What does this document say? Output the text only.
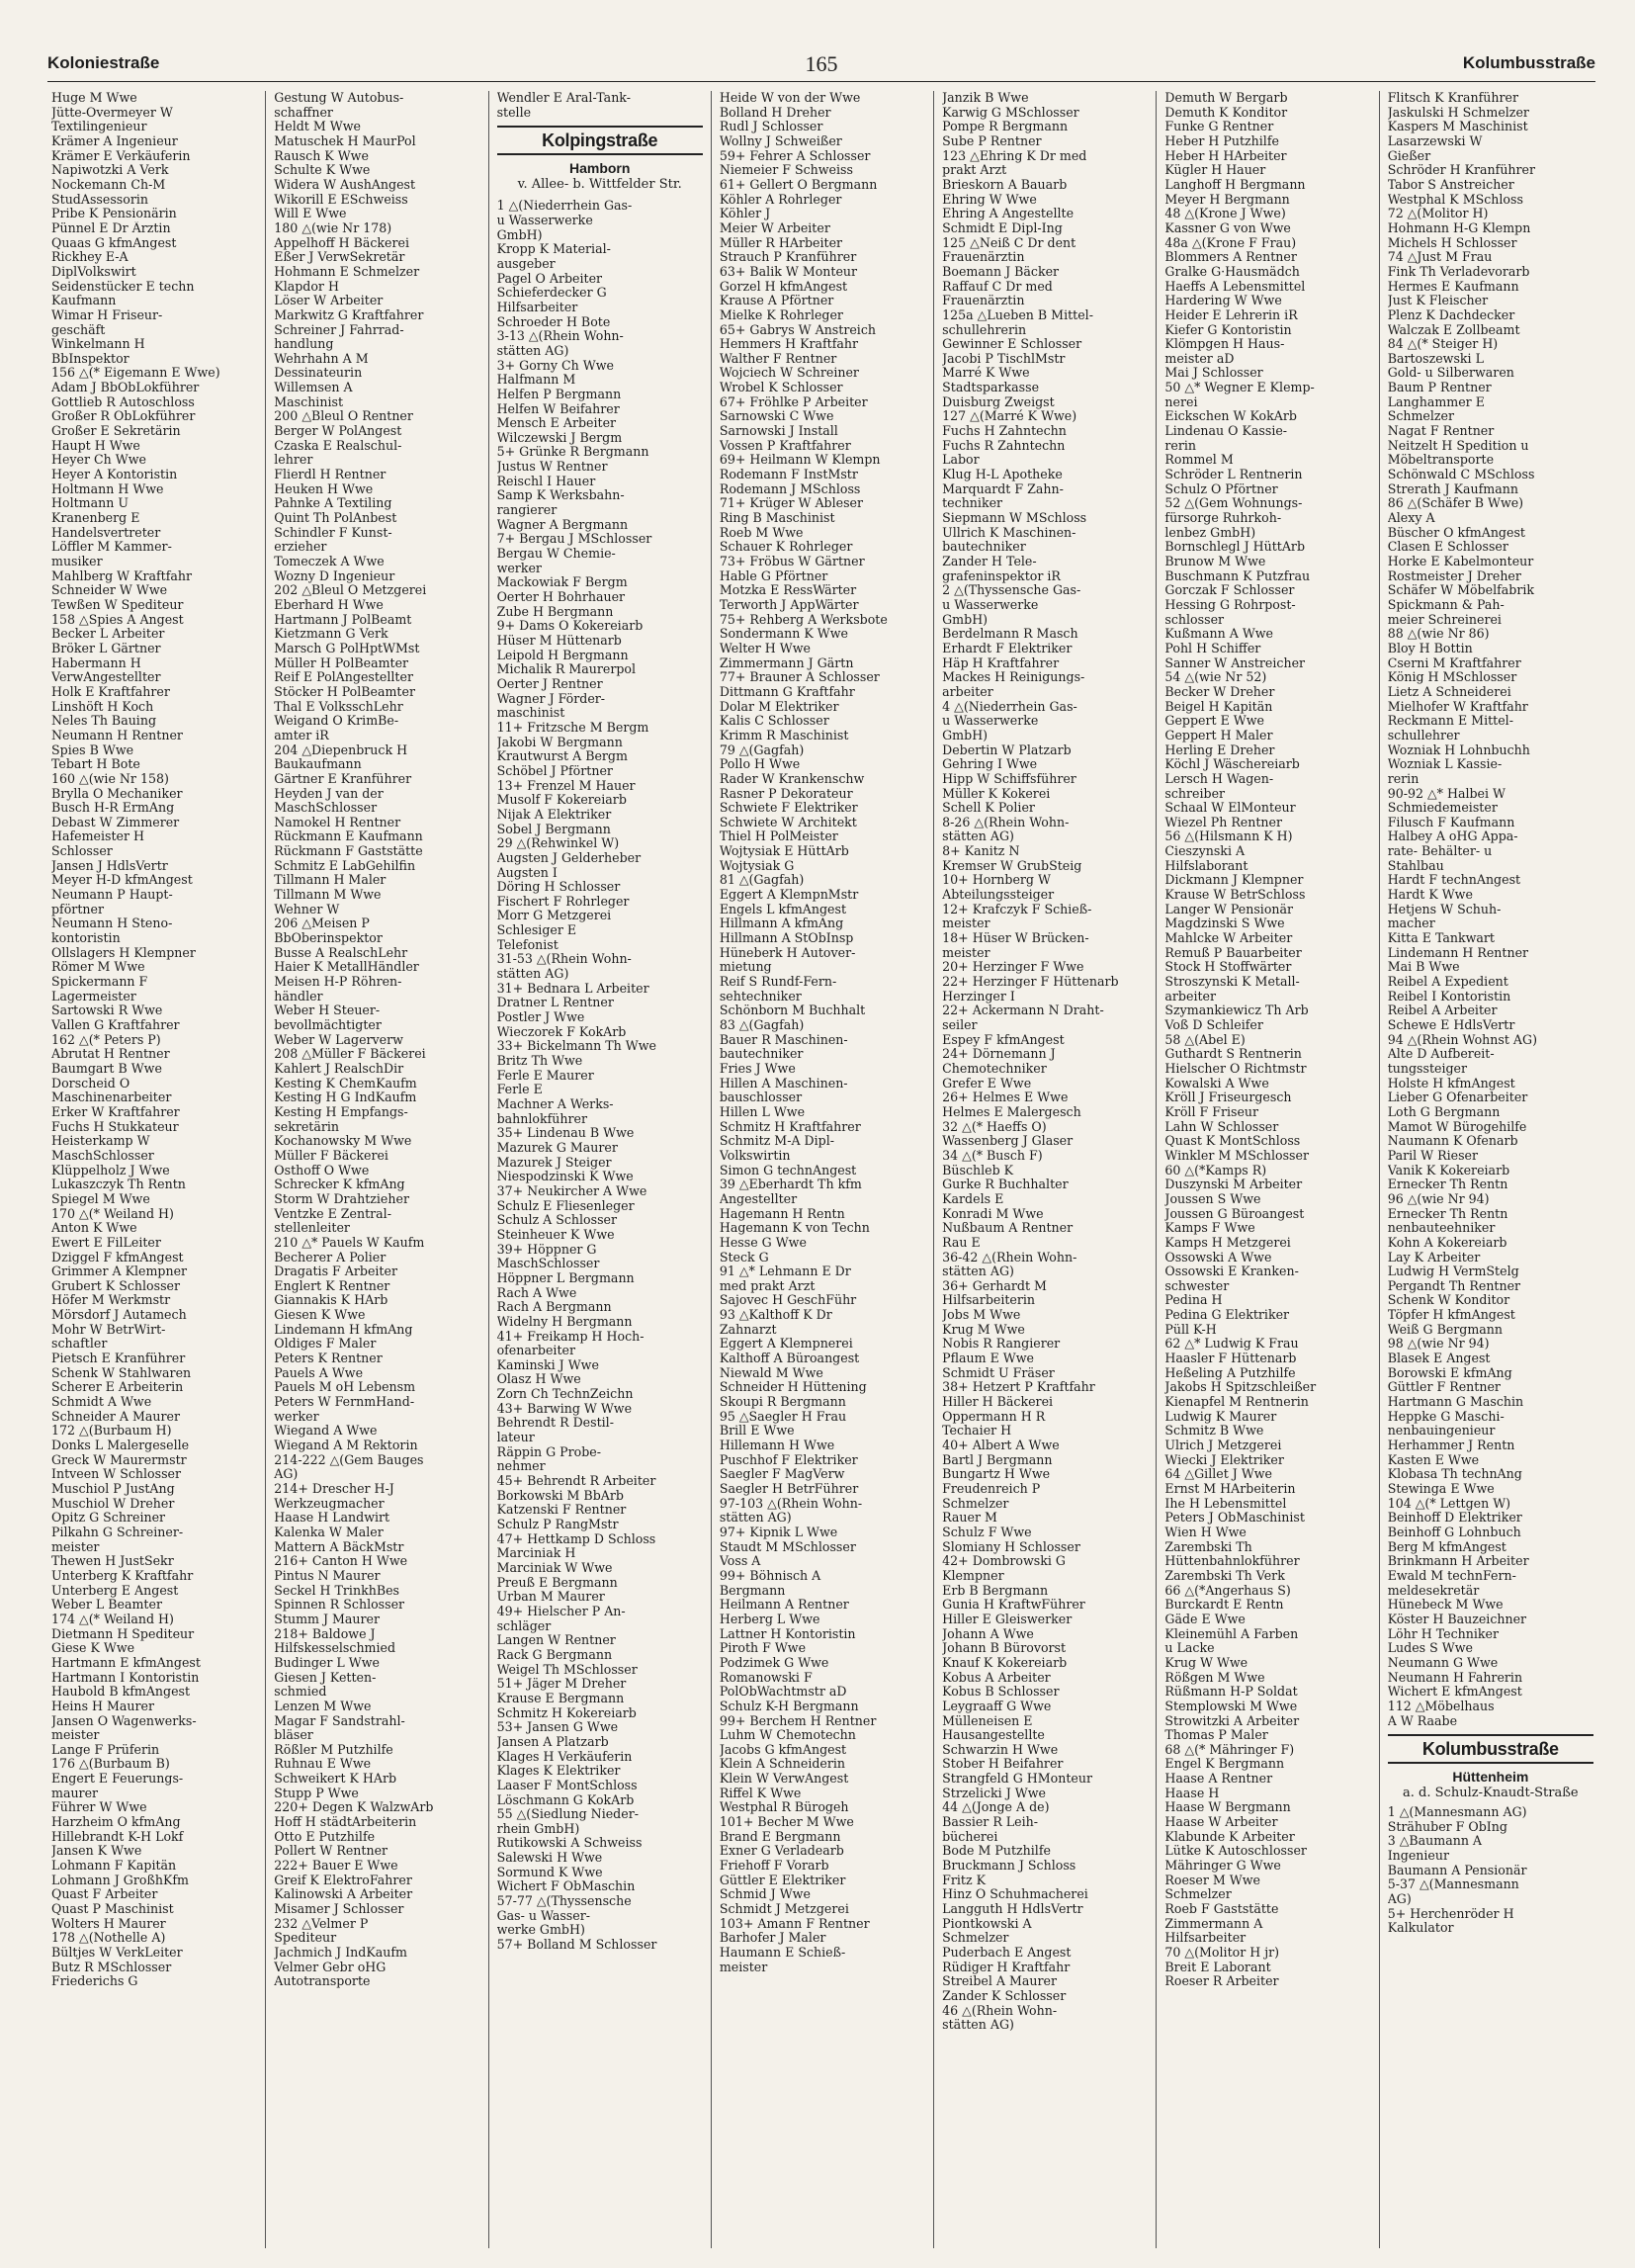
Koloniestraße	165	Kolumbusstraße
Huge M Wwe
Jütte-Overmeyer W
Textilingenieur
Krämer A Ingenieur
Krämer E Verkäuferin
Napiwotzki A Verk
Nockemann Ch-M
StudAssessorin
Pribe K Pensionärin
Pünnel E Dr Ärztin
Quaas G kfmAngest
Rickhey E-A
DiplVolkswirt
Seidenstücker E techn
Kaufmann
Wimar H Friseur-
geschäft
Winkelmann H
BbInspektor
156 △(* Eigemann E Wwe)
Adam J BbObLokführer
Gottlieb R Autoschloss
Großer R ObLokführer
Großer E Sekretärin
Haupt H Wwe
Heyer Ch Wwe
Heyer A Kontoristin
Holtmann H Wwe
Holtmann U
Kranenberg E
Handelsvertreter
Löffler M Kammer-
musiker
Mahlberg W Kraftfahr
Schneider W Wwe
Tewßen W Spediteur
158 △Spies A Angest
Becker L Arbeiter
Bröker L Gärtner
Habermann H
VerwAngestellter
Holk E Kraftfahrer
Linshöft H Koch
Neles Th Bauing
Neumann H Rentner
Spies B Wwe
Tebart H Bote
160 △(wie Nr 158)
Brylla O Mechaniker
Busch H-R ErmAng
Debast W Zimmerer
Hafemeister H
Schlosser
Jansen J HdlsVertr
Meyer H-D kfmAngest
Neumann P Haupt-
pförtner
Neumann H Steno-
kontoristin
Ollslagers H Klempner
Römer M Wwe
Spickermann F
Lagermeister
Sartowski R Wwe
Vallen G Kraftfahrer
162 △(* Peters P)
Abrutat H Rentner
Baumgart B Wwe
Dorscheid O
Maschinenarbeiter
Erker W Kraftfahrer
Fuchs H Stukkateur
Heisterkamp W
MaschSchlosser
Klüppelholz J Wwe
Lukaszczyk Th Rentn
Spiegel M Wwe
170 △(* Weiland H)
Anton K Wwe
Ewert E FilLeiter
Dziggel F kfmAngest
Grimmer A Klempner
Grubert K Schlosser
Höfer M Werkmstr
Mörsdorf J Autamech
Mohr W BetrWirt-
schaftler
Pietsch E Kranführer
Schenk W Stahlwaren
Scherer E Arbeiterin
Schmidt A Wwe
Schneider A Maurer
172 △(Burbaum H)
Donks L Malergeselle
Greck W Maurermstr
Intveen W Schlosser
Muschiol P JustAng
Muschiol W Dreher
Opitz G Schreiner
Pilkahn G Schreiner-
meister
Thewen H JustSekr
Unterberg K Kraftfahr
Unterberg E Angest
Weber L Beamter
174 △(* Weiland H)
Dietmann H Spediteur
Giese K Wwe
Hartmann E kfmAngest
Hartmann I Kontoristin
Haubold B kfmAngest
Heins H Maurer
Jansen O Wagenwerks-
meister
Lange F Prüferin
176 △(Burbaum B)
Engert E Feuerungs-
maurer
Führer W Wwe
Harzheim O kfmAng
Hillebrandt K-H Lokf
Jansen K Wwe
Lohmann F Kapitän
Lohmann J GroßhKfm
Quast F Arbeiter
Quast P Maschinist
Wolters H Maurer
178 △(Nothelle A)
Bültjes W VerkLeiter
Butz R MSchlosser
Friederichs G
Gestung W Autobus-
schaffner
Heldt M Wwe
Matuschek H MaurPol
Rausch K Wwe
Schulte K Wwe
Widera W AushAngest
Wikorill E ESchweiss
Will E Wwe
180 △(wie Nr 178)
Appelhoff H Bäckerei
Eßer J VerwSekretär
Hohmann E Schmelzer
Klapdor H
Löser W Arbeiter
Markwitz G Kraftfahrer
Schreiner J Fahrrad-
handlung
Wehrhahn A M
Dessinateurin
Willemsen A
Maschinist
200 △Bleul O Rentner
Berger W PolAngest
Czaska E Realschul-
lehrer
Flierdl H Rentner
Heuken H Wwe
Pahnke A Textiling
Quint Th PolAnbest
Schindler F Kunst-
erzieher
Tomeczek A Wwe
Wozny D Ingenieur
202 △Bleul O Metzgerei
Eberhard H Wwe
Hartmann J PolBeamt
Kietzmann G Verk
Marsch G PolHptWMst
Müller H PolBeamter
Reif E PolAngestellter
Stöcker H PolBeamter
Thal E VolksschLehr
Weigand O KrimBe-
amter iR
204 △Diepenbruck H
Baukaufmann
Gärtner E Kranführer
Heyden J van der
MaschSchlosser
Namokel H Rentner
Rückmann E Kaufmann
Rückmann F Gaststätte
Schmitz E LabGehilfin
Tillmann H Maler
Tillmann M Wwe
Wehner W
206 △Meisen P
BbOberinspektor
Busse A RealschLehr
Haier K MetallHändler
Meisen H-P Röhren-
händler
Weber H Steuer-
bevollmächtigter
Weber W Lagerverw
208 △Müller F Bäckerei
Kahlert J RealschDir
Kesting K ChemKaufm
Kesting H G IndKaufm
Kesting H Empfangs-
sekretärin
Kochanowsky M Wwe
Müller F Bäckerei
Osthoff O Wwe
Schrecker K kfmAng
Storm W Drahtzieher
Ventzke E Zentral-
stellenleiter
210 △* Pauels W Kaufm
Becherer A Polier
Dragatis F Arbeiter
Englert K Rentner
Giannakis K HArb
Giesen K Wwe
Lindemann H kfmAng
Oldiges F Maler
Peters K Rentner
Pauels A Wwe
Pauels M oH Lebensm
Peters W FernmHand-
werker
Wiegand A Wwe
Wiegand A M Rektorin
214-222 △(Gem Bauges
AG)
214+ Drescher H-J
Werkzeugmacher
Haase H Landwirt
Kalenka W Maler
Mattern A BäckMstr
216+ Canton H Wwe
Pintus N Maurer
Seckel H TrinkhBes
Spinnen R Schlosser
Stumm J Maurer
218+ Baldowe J
Hilfskesselschmied
Budinger L Wwe
Giesen J Ketten-
schmied
Lenzen M Wwe
Magar F Sandstrahl-
bläser
Rößler M Putzhilfe
Ruhnau E Wwe
Schweikert K HArb
Stupp P Wwe
220+ Degen K WalzwArb
Hoff H städtArbeiterin
Otto E Putzhilfe
Pollert W Rentner
222+ Bauer E Wwe
Greif K ElektroFahrer
Kalinowski A Arbeiter
Misamer J Schlosser
232 △Velmer P
Spediteur
Jachmich J IndKaufm
Velmer Gebr oHG
Autotransporte
Wendler E Aral-Tank-
stelle
Kolpingstraße
Hamborn
v. Allee- b. Wittfelder Str.
1 △(Niederrhein Gas-
u Wasserwerke
GmbH)
Kropp K Material-
ausgeber
Pagel O Arbeiter
Schieferdecker G
Hilfsarbeiter
Schroeder H Bote
3-13 △(Rhein Wohn-
stätten AG)
3+ Gorny Ch Wwe
Halfmann M
Helfen P Bergmann
Helfen W Beifahrer
Mensch E Arbeiter
Wilczewski J Bergm
5+ Grünke R Bergmann
Justus W Rentner
Reischl I Hauer
Samp K Werksbahn-
rangierer
Wagner A Bergmann
7+ Bergau J MSchlosser
Bergau W Chemie-
werker
Mackowiak F Bergm
Oerter H Bohrhauer
Zube H Bergmann
9+ Dams O Kokereiarb
Hüser M Hüttenarb
Leipold H Bergmann
Michalik R Maurerpol
Oerter J Rentner
Wagner J Förder-
maschinist
11+ Fritzsche M Bergm
Jakobi W Bergmann
Krautwurst A Bergm
Schöbel J Pförtner
13+ Frenzel M Hauer
Musolf F Kokereiarb
Nijak A Elektriker
Sobel J Bergmann
29 △(Rehwinkel W)
Augsten J Gelderheber
Augsten I
Döring H Schlosser
Fischert F Rohrleger
Morr G Metzgerei
Schlesiger E
Telefonist
31-53 △(Rhein Wohn-
stätten AG)
31+ Bednara L Arbeiter
Dratner L Rentner
Postler J Wwe
Wieczorek F KokArb
33+ Bickelmann Th Wwe
Britz Th Wwe
Ferle E Maurer
Ferle E
Machner A Werks-
bahnlokführer
35+ Lindenau B Wwe
Mazurek G Maurer
Mazurek J Steiger
Niespodzinski K Wwe
37+ Neukircher A Wwe
Schulz E Fliesenleger
Schulz A Schlosser
Steinheuer K Wwe
39+ Höppner G
MaschSchlosser
Höppner L Bergmann
Rach A Wwe
Rach A Bergmann
Widelny H Bergmann
41+ Freikamp H Hoch-
ofenarbeiter
Kaminski J Wwe
Olasz H Wwe
Zorn Ch TechnZeichn
43+ Barwing W Wwe
Behrendt R Destil-
lateur
Räppin G Probe-
nehmer
45+ Behrendt R Arbeiter
Borkowski M BbArb
Katzenski F Rentner
Schulz P RangMstr
47+ Hettkamp D Schloss
Marciniak H
Marciniak W Wwe
Preuß E Bergmann
Urban M Maurer
49+ Hielscher P An-
schläger
Langen W Rentner
Rack G Bergmann
Weigel Th MSchlosser
51+ Jäger M Dreher
Krause E Bergmann
Schmitz H Kokereiarb
53+ Jansen G Wwe
Jansen A Platzarb
Klages H Verkäuferin
Klages K Elektriker
Laaser F MontSchloss
Löschmann G KokArb
55 △(Siedlung Nieder-
rhein GmbH)
Rutikowski A Schweiss
Salewski H Wwe
Sormund K Wwe
Wichert F ObMaschin
57-77 △(Thyssensche
Gas- u Wasser-
werke GmbH)
57+ Bolland M Schlosser
Heide W von der Wwe
Bolland H Dreher
Rudl J Schlosser
Wollny J Schweißer
59+ Fehrer A Schlosser
Niemeier F Schweiss
61+ Gellert O Bergmann
Köhler A Rohrleger
Köhler J
Meier W Arbeiter
Müller R HArbeiter
Strauch P Kranführer
63+ Balik W Monteur
Gorzel H kfmAngest
Krause A Pförtner
Mielke K Rohrleger
65+ Gabrys W Anstreich
Hemmers H Kraftfahr
Walther F Rentner
Wojciech W Schreiner
Wrobel K Schlosser
67+ Fröhlke P Arbeiter
Sarnowski C Wwe
Sarnowski J Install
Vossen P Kraftfahrer
69+ Heilmann W Klempn
Rodemann F InstMstr
Rodemann J MSchloss
71+ Krüger W Ableser
Ring B Maschinist
Roeb M Wwe
Schauer K Rohrleger
73+ Fröbus W Gärtner
Hable G Pförtner
Motzka E RessWärter
Terworth J AppWärter
75+ Rehberg A Werksbote
Sondermann K Wwe
Welter H Wwe
Zimmermann J Gärtn
77+ Brauner A Schlosser
Dittmann G Kraftfahr
Dolar M Elektriker
Kalis C Schlosser
Krimm R Maschinist
79 △(Gagfah)
Pollo H Wwe
Rader W Krankenschw
Rasner P Dekorateur
Schwiete F Elektriker
Schwiete W Architekt
Thiel H PolMeister
Wojtysiak E HüttArb
Wojtysiak G
81 △(Gagfah)
Eggert A KlempnMstr
Engels L kfmAngest
Hillmann A kfmAng
Hillmann A StObInsp
Hüneberk H Autover-
mietung
Reif S Rundf-Fern-
sehtechniker
Schönborn M Buchhalt
83 △(Gagfah)
Bauer R Maschinen-
bautechniker
Fries J Wwe
Hillen A Maschinen-
bauschlosser
Hillen L Wwe
Schmitz H Kraftfahrer
Schmitz M-A Dipl-
Volkswirtin
Simon G technAngest
39 △Eberhardt Th kfm
Angestellter
Hagemann H Rentn
Hagemann K von Techn
Hesse G Wwe
Steck G
91 △* Lehmann E Dr
med prakt Arzt
Sajovec H GeschFühr
93 △Kalthoff K Dr
Zahnarzt
Eggert A Klempnerei
Kalthoff A Büroangest
Niewald M Wwe
Schneider H Hüttening
Skoupi R Bergmann
95 △Saegler H Frau
Brill E Wwe
Hillemann H Wwe
Puschhof F Elektriker
Saegler F MagVerw
Saegler H BetrFührer
97-103 △(Rhein Wohn-
stätten AG)
97+ Kipnik L Wwe
Staudt M MSchlosser
Voss A
99+ Böhnisch A
Bergmann
Heilmann A Rentner
Herberg L Wwe
Lattner H Kontoristin
Piroth F Wwe
Podzimek G Wwe
Romanowski F
PolObWachtmstr aD
Schulz K-H Bergmann
99+ Berchem H Rentner
Luhm W Chemotechn
Jacobs G kfmAngest
Klein A Schneiderin
Klein W VerwAngest
Riffel K Wwe
Westphal R Bürogeh
101+ Becher M Wwe
Brand E Bergmann
Exner G Verladearb
Friehoff F Vorarb
Güttler E Elektriker
Schmid J Wwe
Schmidt J Metzgerei
103+ Amann F Rentner
Barhofer J Maler
Haumann E Schieß-
meister
Janzik B Wwe
Karwig G MSchlosser
Pompe R Bergmann
Sube P Rentner
123 △Ehring K Dr med
prakt Arzt
Brieskorn A Bauarb
Ehring W Wwe
Ehring A Angestellte
Schmidt E Dipl-Ing
125 △Neiß C Dr dent
Frauenärztin
Boemann J Bäcker
Raffauf C Dr med
Frauenärztin
125a △Lueben B Mittel-
schullehrerin
Gewinner E Schlosser
Jacobi P TischlMstr
Marré K Wwe
Stadtsparkasse
Duisburg Zweigst
127 △(Marré K Wwe)
Fuchs H Zahntechn
Fuchs R Zahntechn
Labor
Klug H-L Apotheke
Marquardt F Zahn-
techniker
Siepmann W MSchloss
Ullrich K Maschinen-
bautechniker
Zander H Tele-
grafeninspektor iR
2 △(Thyssensche Gas-
u Wasserwerke
GmbH)
Berdelmann R Masch
Erhardt F Elektriker
Häp H Kraftfahrer
Mackes H Reinigungs-
arbeiter
4 △(Niederrhein Gas-
u Wasserwerke
GmbH)
Debertin W Platzarb
Gehring I Wwe
Hipp W Schiffsführer
Müller K Kokerei
Schell K Polier
8-26 △(Rhein Wohn-
stätten AG)
8+ Kanitz N
Kremser W GrubSteig
10+ Hornberg W
Abteilungssteiger
12+ Krafczyk F Schieß-
meister
18+ Hüser W Brücken-
meister
20+ Herzinger F Wwe
22+ Herzinger F Hüttenarb
Herzinger I
22+ Ackermann N Draht-
seiler
Espey F kfmAngest
24+ Dörnemann J
Chemotechniker
Grefer E Wwe
26+ Helmes E Wwe
Helmes E Malergesch
32 △(* Haeffs O)
Wassenberg J Glaser
34 △(* Busch F)
Büschleb K
Gurke R Buchhalter
Kardels E
Konradi M Wwe
Nußbaum A Rentner
Rau E
36-42 △(Rhein Wohn-
stätten AG)
36+ Gerhardt M
Hilfsarbeiterin
Jobs M Wwe
Krug M Wwe
Nobis R Rangierer
Pflaum E Wwe
Schmidt U Fräser
38+ Hetzert P Kraftfahr
Hiller H Bäckerei
Oppermann H R
Techaier H
40+ Albert A Wwe
Bartl J Bergmann
Bungartz H Wwe
Freudenreich P
Schmelzer
Rauer M
Schulz F Wwe
Slomiany H Schlosser
42+ Dombrowski G
Klempner
Erb B Bergmann
Gunia H KraftwFührer
Hiller E Gleiswerker
Johann A Wwe
Johann B Bürovorst
Knauf K Kokereiarb
Kobus A Arbeiter
Kobus B Schlosser
Leygraaff G Wwe
Mülleneisen E
Hausangestellte
Schwarzin H Wwe
Stober H Beifahrer
Strangfeld G HMonteur
Strzelicki J Wwe
44 △(Jonge A de)
Bassier R Leih-
bücherei
Bode M Putzhilfe
Bruckmann J Schloss
Fritz K
Hinz O Schuhmacherei
Langguth H HdlsVertr
Piontkowski A
Schmelzer
Puderbach E Angest
Rüdiger H Kraftfahr
Streibel A Maurer
Zander K Schlosser
46 △(Rhein Wohn-
stätten AG)
Demuth W Bergarb
Demuth K Konditor
Funke G Rentner
Heber H Putzhilfe
Heber H HArbeiter
Kügler H Hauer
Langhoff H Bergmann
Meyer H Bergmann
48 △(Krone J Wwe)
Kassner G von Wwe
48a △(Krone F Frau)
Blommers A Rentner
Gralke G·Hausmädch
Haeffs A Lebensmittel
Hardering W Wwe
Heider E Lehrerin iR
Kiefer G Kontoristin
Klömpgen H Haus-
meister aD
Mai J Schlosser
50 △* Wegner E Klemp-
nerei
Eickschen W KokArb
Lindenau O Kassie-
rerin
Rommel M
Schröder L Rentnerin
Schulz O Pförtner
52 △(Gem Wohnungs-
fürsorge Ruhrkoh-
lenbez GmbH)
Bornschlegl J HüttArb
Brunow M Wwe
Buschmann K Putzfrau
Gorczak F Schlosser
Hessing G Rohrpost-
schlosser
Kußmann A Wwe
Pohl H Schiffer
Sanner W Anstreicher
54 △(wie Nr 52)
Becker W Dreher
Beigel H Kapitän
Geppert E Wwe
Geppert H Maler
Herling E Dreher
Köchl J Wäschereiarb
Lersch H Wagen-
schreiber
Schaal W ElMonteur
Wiezel Ph Rentner
56 △(Hilsmann K H)
Cieszynski A
Hilfslaborant
Dickmann J Klempner
Krause W BetrSchloss
Langer W Pensionär
Magdzinski S Wwe
Mahlcke W Arbeiter
Remuß P Bauarbeiter
Stock H Stoffwärter
Stroszynski K Metall-
arbeiter
Szymankiewicz Th Arb
Voß D Schleifer
58 △(Abel E)
Guthardt S Rentnerin
Hielscher O Richtmstr
Kowalski A Wwe
Kröll J Friseurgesch
Kröll F Friseur
Lahn W Schlosser
Quast K MontSchloss
Winkler M MSchlosser
60 △(*Kamps R)
Duszynski M Arbeiter
Joussen S Wwe
Joussen G Büroangest
Kamps F Wwe
Kamps H Metzgerei
Ossowski A Wwe
Ossowski E Kranken-
schwester
Pedina H
Pedina G Elektriker
Püll K-H
62 △* Ludwig K Frau
Haasler F Hüttenarb
Heßeling A Putzhilfe
Jakobs H Spitzschleißer
Kienapfel M Rentnerin
Ludwig K Maurer
Schmitz B Wwe
Ulrich J Metzgerei
Wiecki J Elektriker
64 △Gillet J Wwe
Ernst M HArbeiterin
Ihe H Lebensmittel
Peters J ObMaschinist
Wien H Wwe
Zarembski Th
Hüttenbahnlokführer
Zarembski Th Verk
66 △(*Angerhaus S)
Burckardt E Rentn
Gäde E Wwe
Kleinemühl A Farben
u Lacke
Krug W Wwe
Rößgen M Wwe
Rüßmann H-P Soldat
Stemplowski M Wwe
Strowitzki A Arbeiter
Thomas P Maler
68 △(* Mähringer F)
Engel K Bergmann
Haase A Rentner
Haase H
Haase W Bergmann
Haase W Arbeiter
Klabunde K Arbeiter
Lütke K Autoschlosser
Mähringer G Wwe
Roeser M Wwe
Schmelzer
Roeb F Gaststätte
Zimmermann A
Hilfsarbeiter
70 △(Molitor H jr)
Breit E Laborant
Roeser R Arbeiter
Flitsch K Kranführer
Jaskulski H Schmelzer
Kaspers M Maschinist
Lasarzewski W
Gießer
Schröder H Kranführer
Tabor S Anstreicher
Westphal K MSchloss
72 △(Molitor H)
Hohmann H-G Klempn
Michels H Schlosser
74 △Just M Frau
Fink Th Verladevorarb
Hermes E Kaufmann
Just K Fleischer
Plenz K Dachdecker
Walczak E Zollbeamt
84 △(* Steiger H)
Bartoszewski L
Gold- u Silberwaren
Baum P Rentner
Langhammer E
Schmelzer
Nagat F Rentner
Neitzelt H Spedition u
Möbeltransporte
Schönwald C MSchloss
Strerath J Kaufmann
86 △(Schäfer B Wwe)
Alexy A
Büscher O kfmAngest
Clasen E Schlosser
Horke E Kabelmonteur
Rostmeister J Dreher
Schäfer W Möbelfabrik
Spickmann & Pah-
meier Schreinerei
88 △(wie Nr 86)
Bloy H Bottin
Cserni M Kraftfahrer
König H MSchlosser
Lietz A Schneiderei
Mielhofer W Kraftfahr
Reckmann E Mittel-
schullehrer
Wozniak H Lohnbuchh
Wozniak L Kassie-
rerin
90-92 △* Halbei W
Schmiedemeister
Filusch F Kaufmann
Halbey A oHG Appa-
rate- Behälter- u
Stahlbau
Hardt F technAngest
Hardt K Wwe
Hetjens W Schuh-
macher
Kitta E Tankwart
Lindemann H Rentner
Mai B Wwe
Reibel A Expedient
Reibel I Kontoristin
Reibel A Arbeiter
Schewe E HdlsVertr
94 △(Rhein Wohnst AG)
Alte D Aufbereit-
tungssteiger
Holste H kfmAngest
Lieber G Ofenarbeiter
Loth G Bergmann
Mamot W Bürogehilfe
Naumann K Ofenarb
Paril W Rieser
Vanik K Kokereiarb
Ernecker Th Rentn
96 △(wie Nr 94)
Ernecker Th Rentn
nenbauteehniker
Kohn A Kokereiarb
Lay K Arbeiter
Ludwig H VermStelg
Pergandt Th Rentner
Schenk W Konditor
Töpfer H kfmAngest
Weiß G Bergmann
98 △(wie Nr 94)
Blasek E Angest
Borowski E kfmAng
Güttler F Rentner
Hartmann G Maschin
Heppke G Maschi-
nenbauingenieur
Herhammer J Rentn
Kasten E Wwe
Klobasa Th technAng
Stewinga E Wwe
104 △(* Lettgen W)
Beinhoff D Elektriker
Beinhoff G Lohnbuch
Berg M kfmAngest
Brinkmann H Arbeiter
Ewald M technFern-
meldesekretär
Hünebeck M Wwe
Köster H Bauzeichner
Löhr H Techniker
Ludes S Wwe
Neumann G Wwe
Neumann H Fahrerin
Wichert E kfmAngest
112 △Möbelhaus
A W Raabe
Kolumbusstraße
Hüttenheim
a. d. Schulz-Knaudt-Straße
1 △(Mannesmann AG)
Strähuber F ObIng
3 △Baumann A
Ingenieur
Baumann A Pensionär
5-37 △(Mannesmann
AG)
5+ Herchenröder H
Kalkulator
